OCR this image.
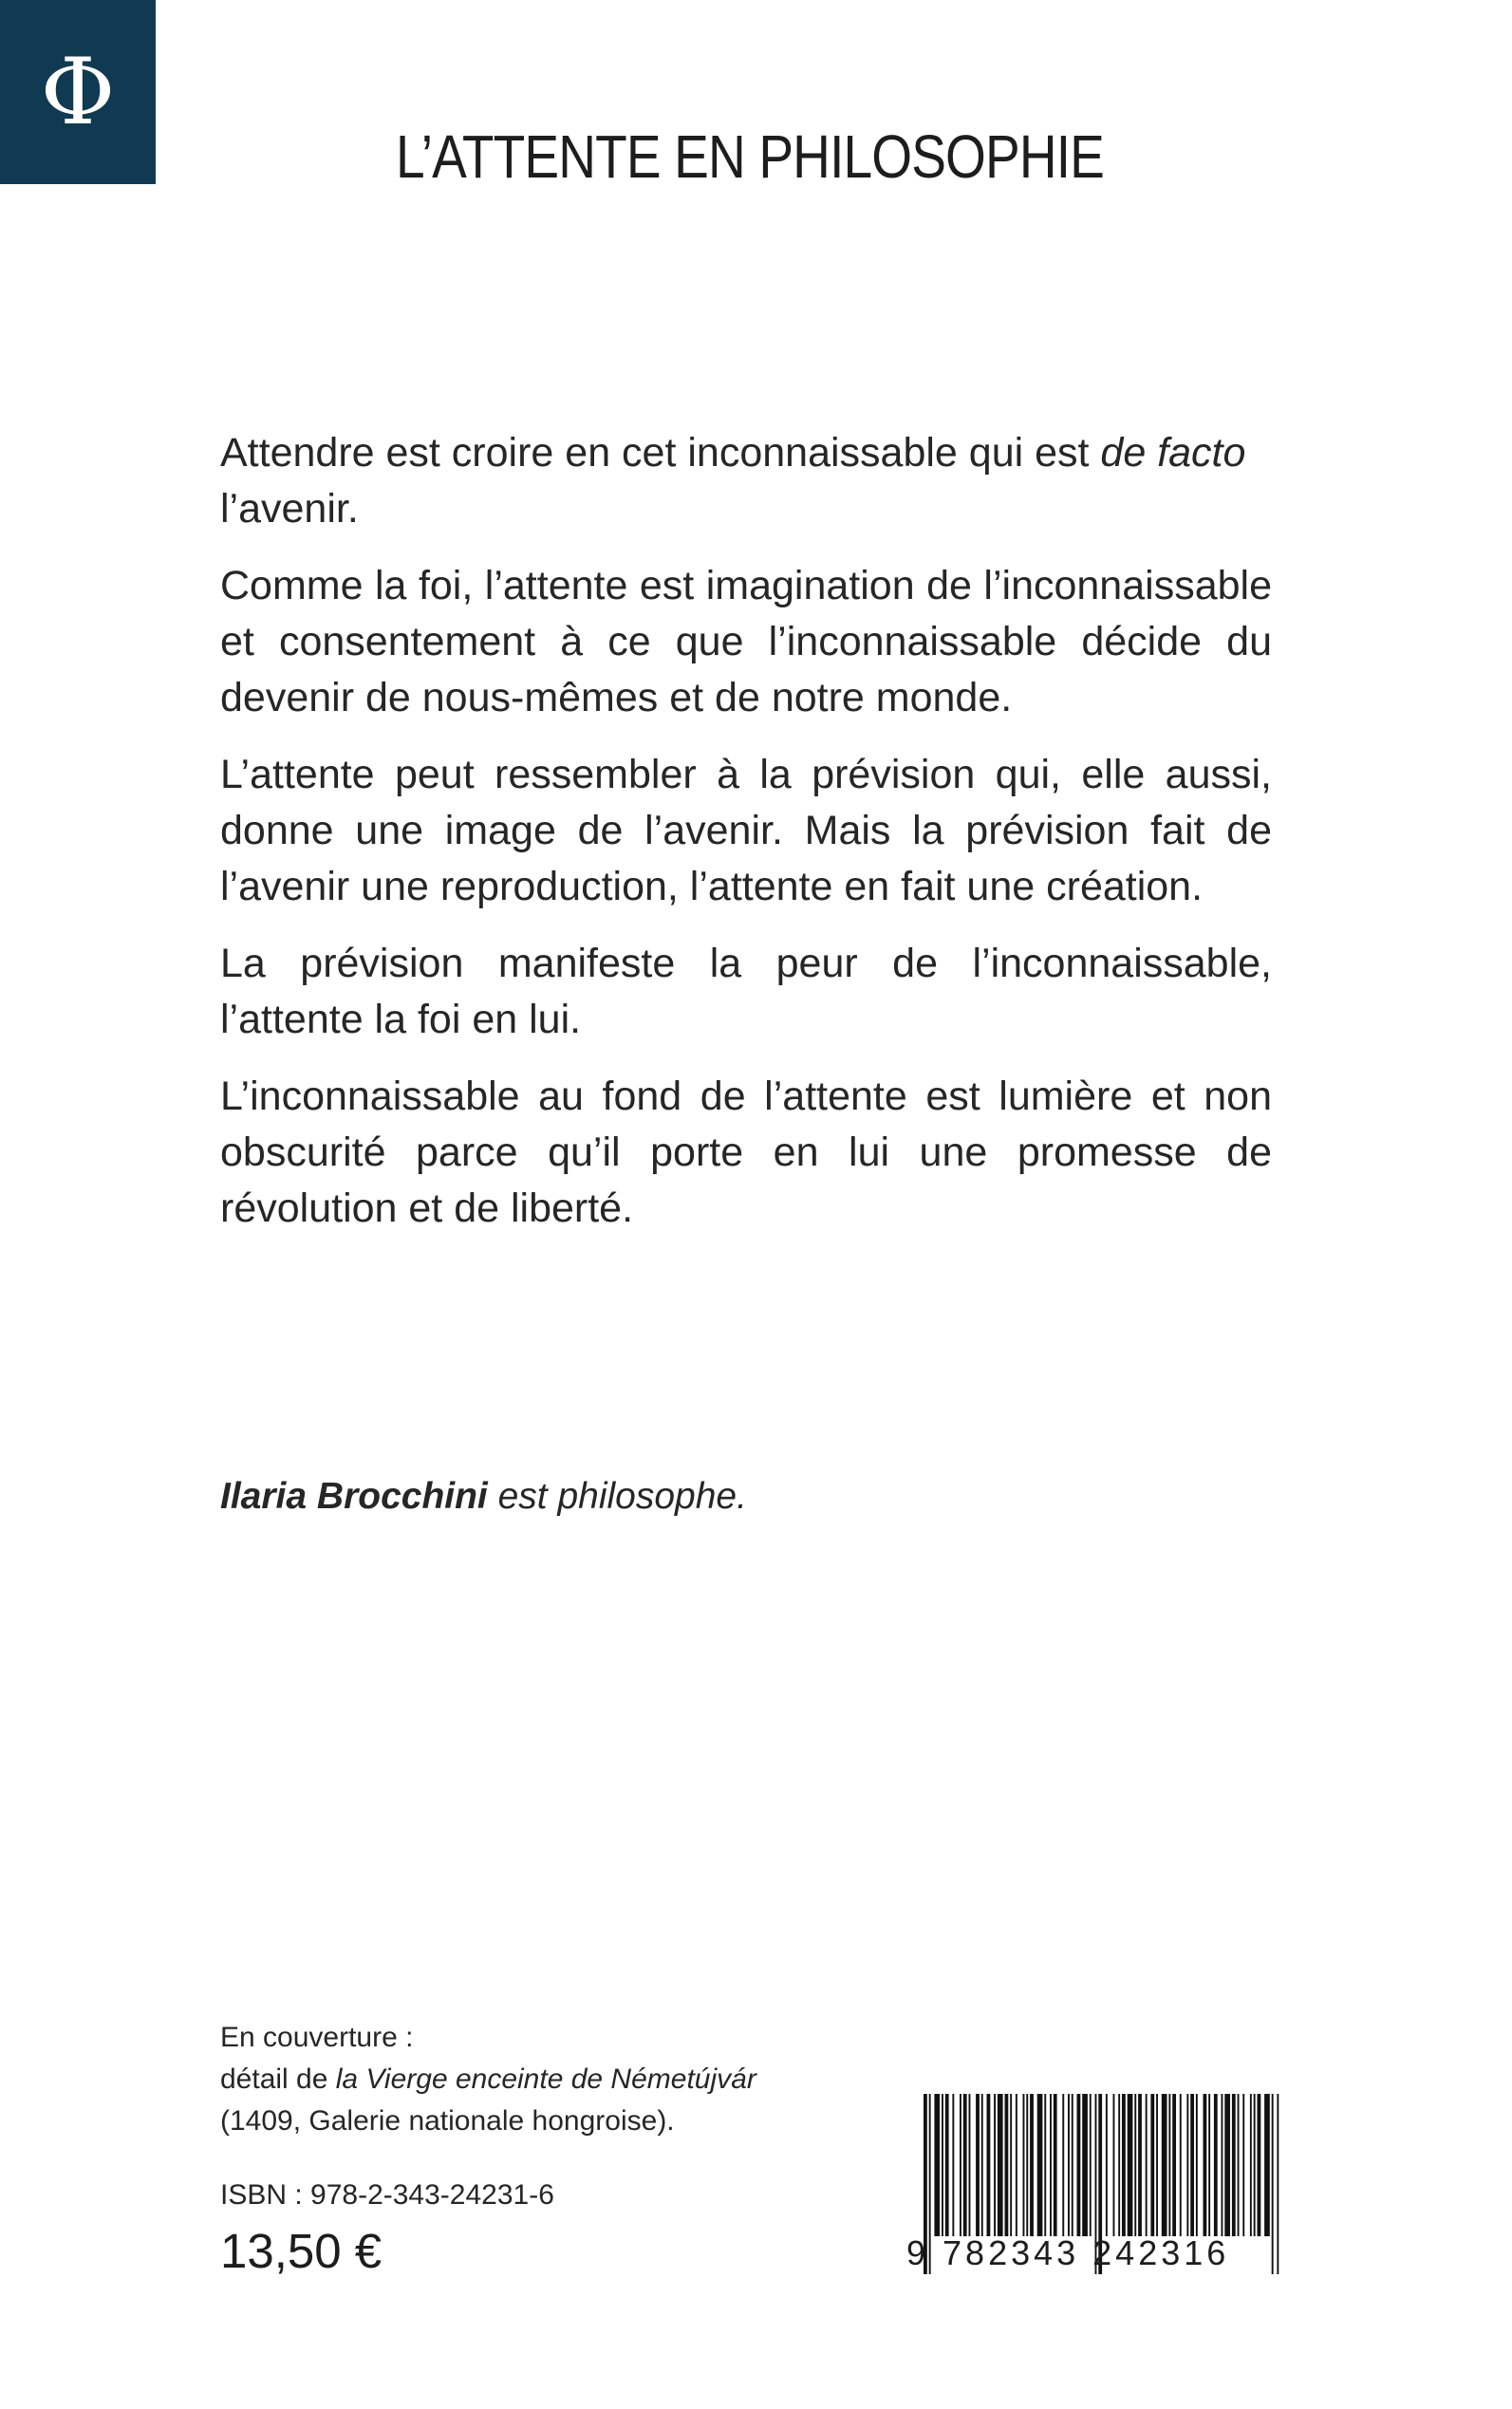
Φ
L’ATTENTE EN PHILOSOPHIE

Attendre est croire en cet inconnaissable qui est de facto
l’avenir.

Comme la foi, l’attente est imagination de l’inconnaissable et consentement à ce que l’inconnaissable décide du devenir de nous-mêmes et de notre monde.

L’attente peut ressembler à la prévision qui, elle aussi, donne une image de l’avenir. Mais la prévision fait de l’avenir une reproduction, l’attente en fait une création.

La prévision manifeste la peur de l’inconnaissable, l’attente la foi en lui.

L’inconnaissable au fond de l’attente est lumière et non obscurité parce qu’il porte en lui une promesse de révolution et de liberté.

Ilaria Brocchini est philosophe.
En couverture :
détail de la Vierge enceinte de Németújvár
(1409, Galerie nationale hongroise).
ISBN : 978-2-343-24231-6
13,50 €	9 782343 242316
